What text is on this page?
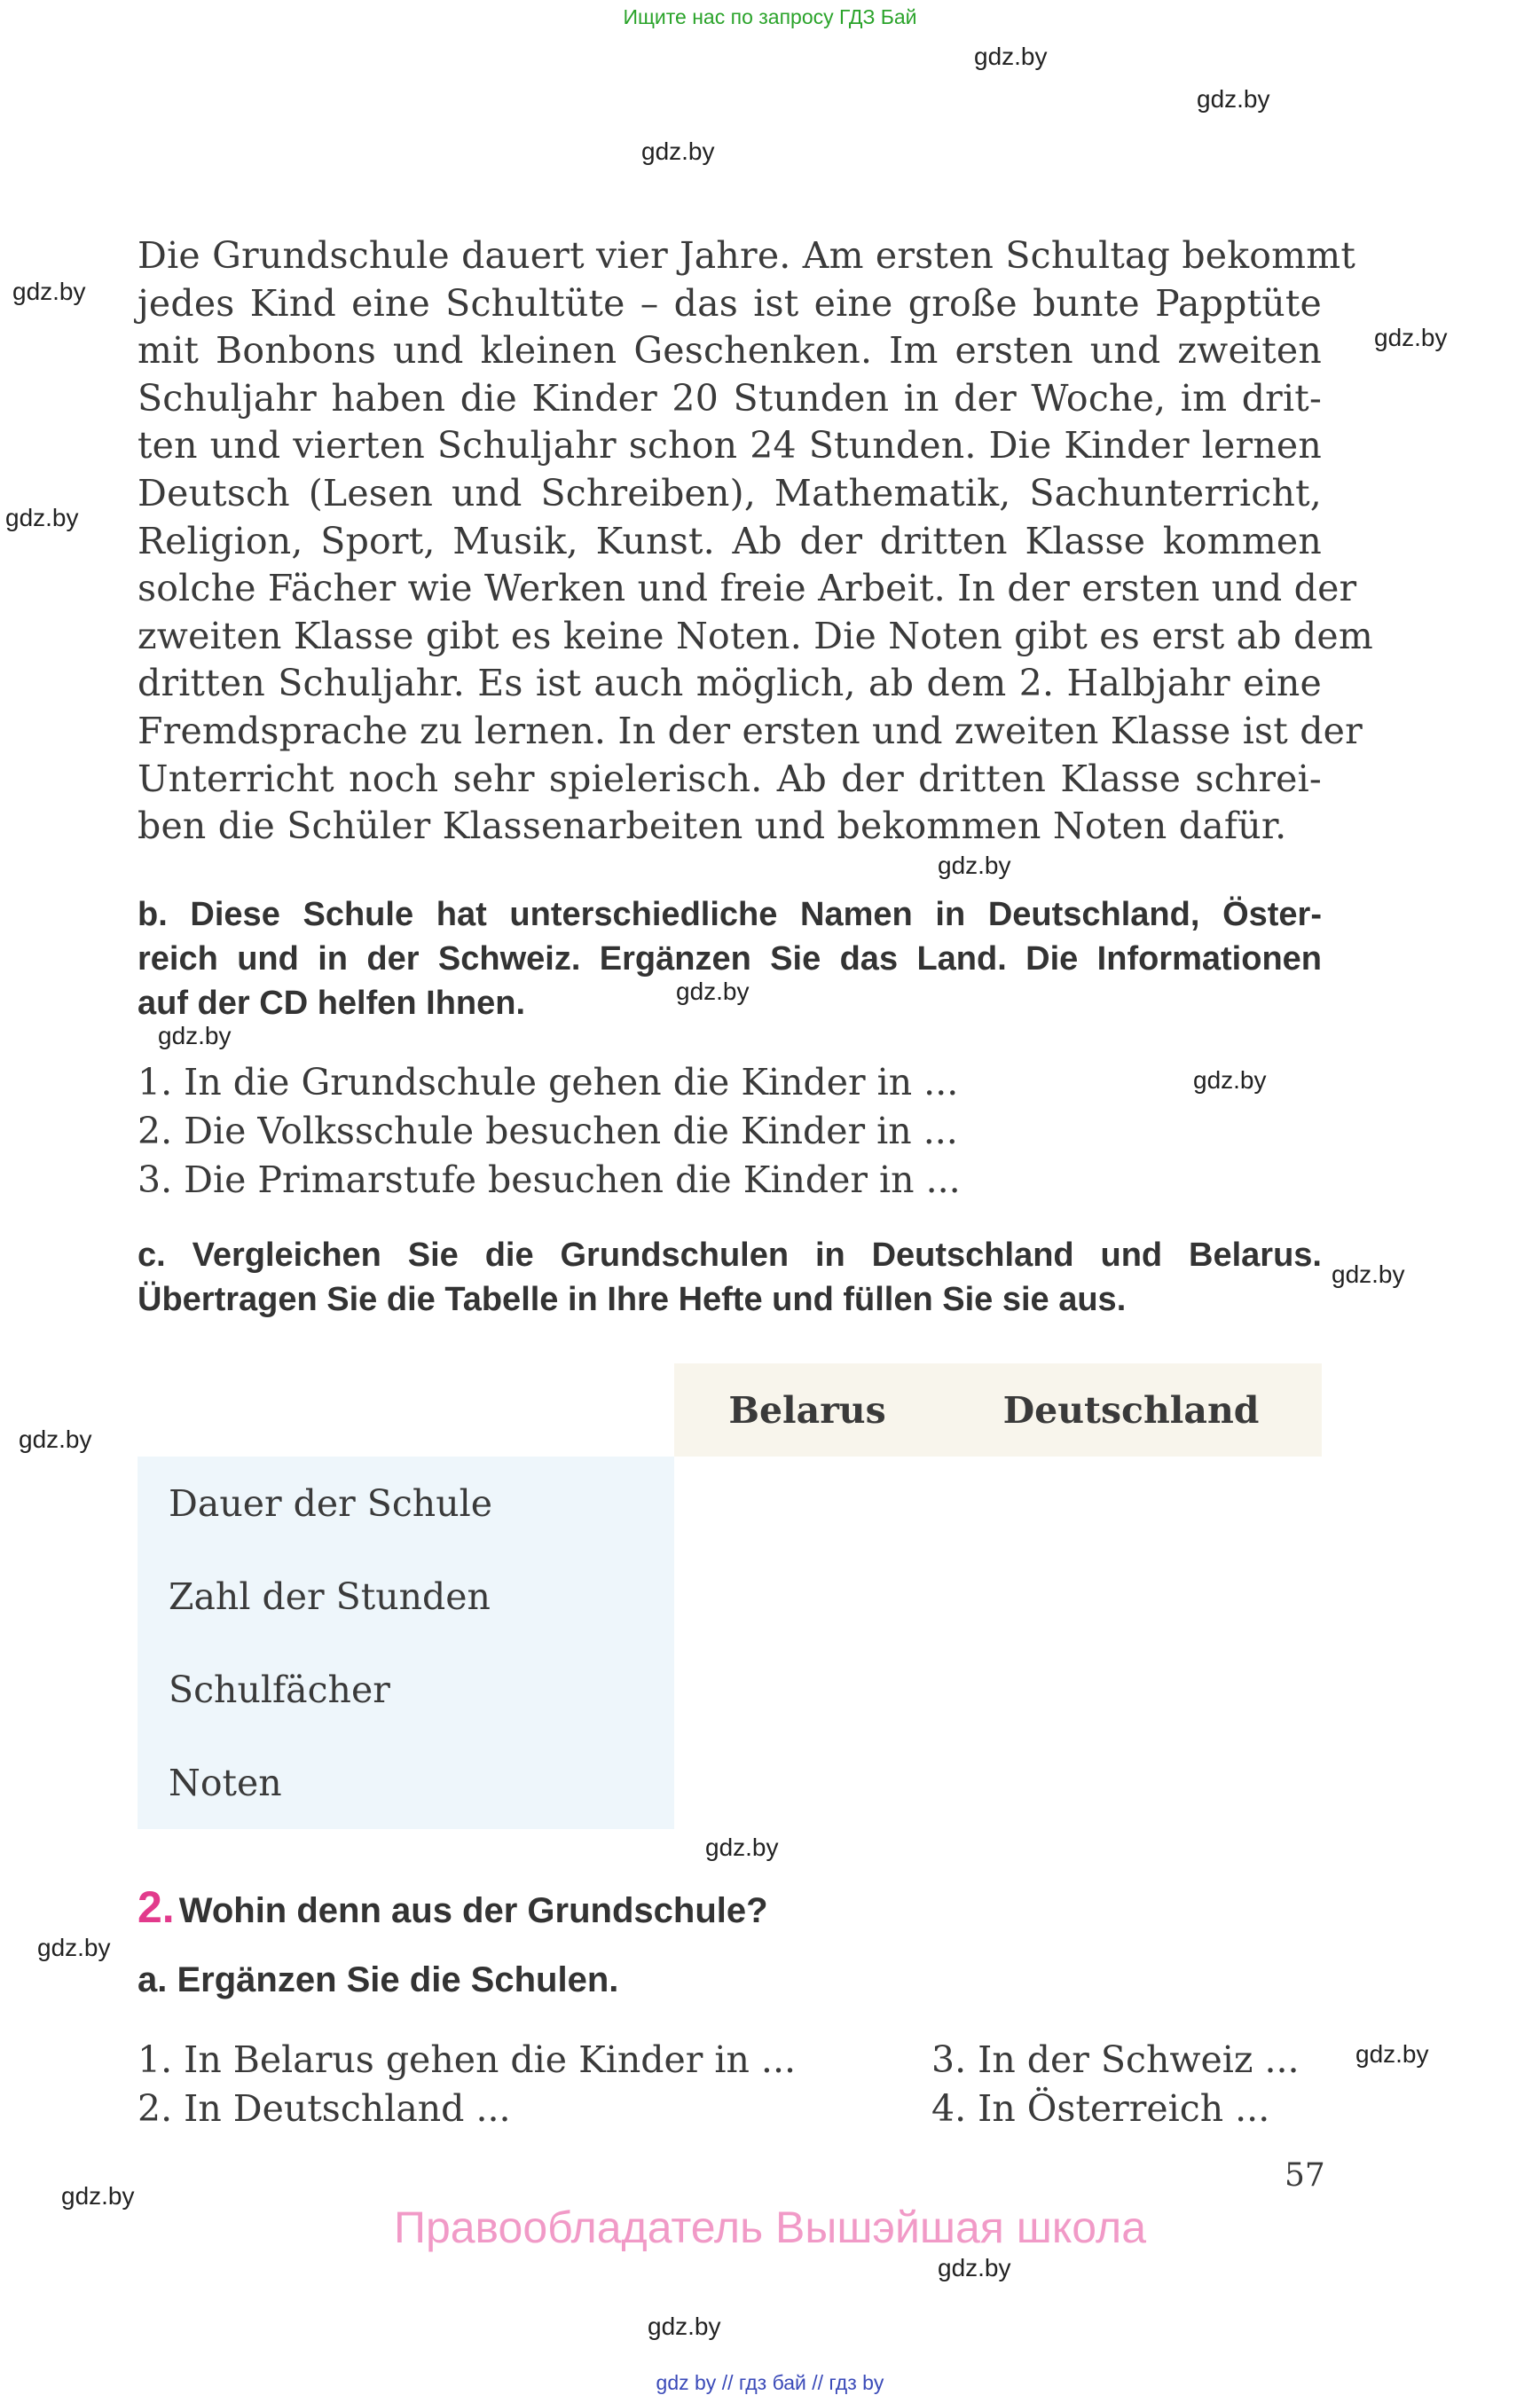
Ищите нас по запросу ГДЗ Бай
gdz.by
gdz.by
gdz.by
gdz.by
gdz.by
gdz.by
gdz.by
gdz.by
gdz.by
gdz.by
gdz.by
gdz.by
gdz.by
gdz.by
gdz.by
gdz.by
gdz.by
gdz.by
Die Grundschule dauert vier Jahre. Am ersten Schultag bekommt
jedes Kind eine Schultüte – das ist eine große bunte Papptüte
mit Bonbons und kleinen Geschenken. Im ersten und zweiten
Schuljahr haben die Kinder 20 Stunden in der Woche, im drit-
ten und vierten Schuljahr schon 24 Stunden. Die Kinder lernen
Deutsch (Lesen und Schreiben), Mathematik, Sachunterricht,
Religion, Sport, Musik, Kunst. Ab der dritten Klasse kommen
solche Fächer wie Werken und freie Arbeit. In der ersten und der
zweiten Klasse gibt es keine Noten. Die Noten gibt es erst ab dem
dritten Schuljahr. Es ist auch möglich, ab dem 2. Halbjahr eine
Fremdsprache zu lernen. In der ersten und zweiten Klasse ist der
Unterricht noch sehr spielerisch. Ab der dritten Klasse schrei-
ben die Schüler Klassenarbeiten und bekommen Noten dafür.
b. Diese Schule hat unterschiedliche Namen in Deutschland, Öster-
reich und in der Schweiz. Ergänzen Sie das Land. Die Informationen
auf der CD helfen Ihnen.
1. In die Grundschule gehen die Kinder in ...
2. Die Volksschule besuchen die Kinder in ...
3. Die Primarstufe besuchen die Kinder in ...
c. Vergleichen Sie die Grundschulen in Deutschland und Belarus.
Übertragen Sie die Tabelle in Ihre Hefte und füllen Sie sie aus.
	Belarus	Deutschland
Dauer der Schule		
Zahl der Stunden		
Schulfächer		
Noten		
2. Wohin denn aus der Grundschule?
a. Ergänzen Sie die Schulen.
1. In Belarus gehen die Kinder in ...
2. In Deutschland ...
3. In der Schweiz ...
4. In Österreich ...
57
Правообладатель Вышэйшая школа
gdz by // гдз бай // гдз by
